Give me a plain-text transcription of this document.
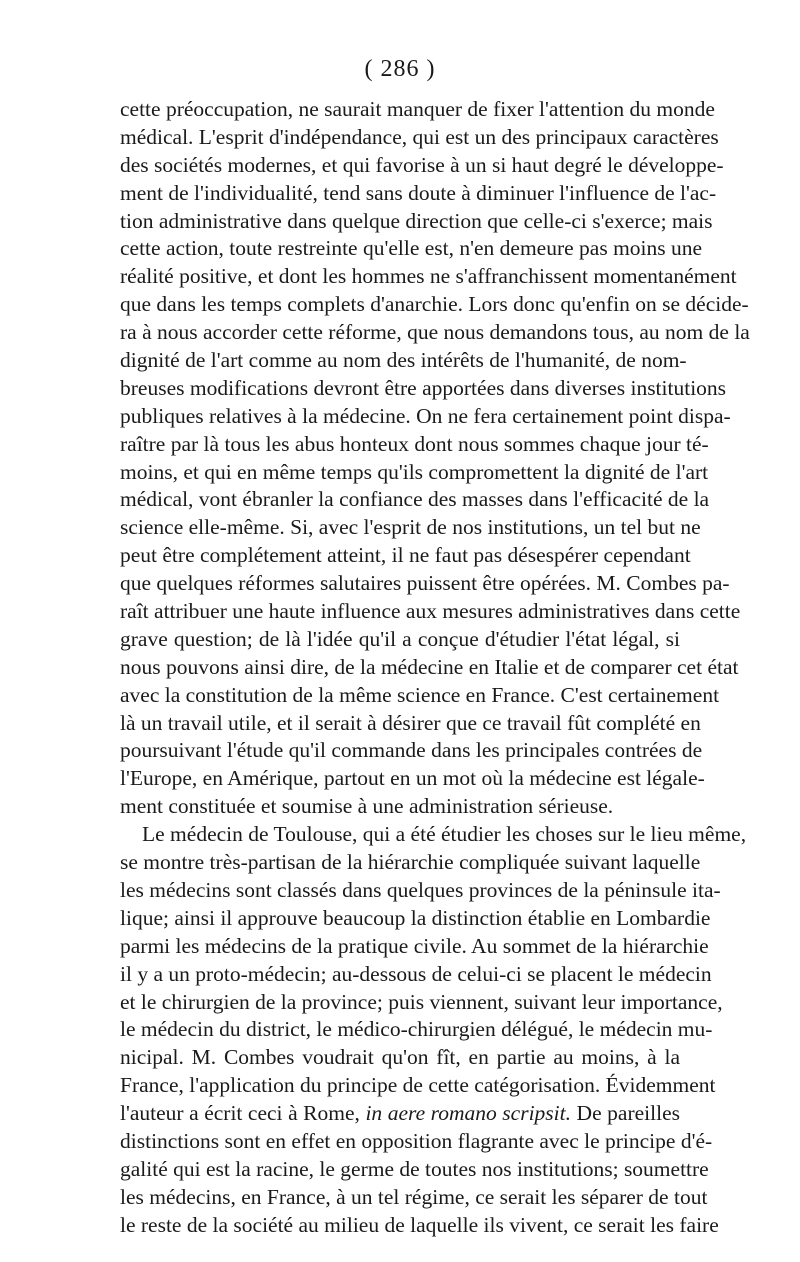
( 286 )

cette préoccupation, ne saurait manquer de fixer l'attention du monde
médical. L'esprit d'indépendance, qui est un des principaux caractères
des sociétés modernes, et qui favorise à un si haut degré le développe-
ment de l'individualité, tend sans doute à diminuer l'influence de l'ac-
tion administrative dans quelque direction que celle-ci s'exerce; mais
cette action, toute restreinte qu'elle est, n'en demeure pas moins une
réalité positive, et dont les hommes ne s'affranchissent momentanément
que dans les temps complets d'anarchie. Lors donc qu'enfin on se décide-
ra à nous accorder cette réforme, que nous demandons tous, au nom de la
dignité de l'art comme au nom des intérêts de l'humanité, de nom-
breuses modifications devront être apportées dans diverses institutions
publiques relatives à la médecine. On ne fera certainement point dispa-
raître par là tous les abus honteux dont nous sommes chaque jour té-
moins, et qui en même temps qu'ils compromettent la dignité de l'art
médical, vont ébranler la confiance des masses dans l'efficacité de la
science elle-même. Si, avec l'esprit de nos institutions, un tel but ne
peut être complétement atteint, il ne faut pas désespérer cependant
que quelques réformes salutaires puissent être opérées. M. Combes pa-
raît attribuer une haute influence aux mesures administratives dans cette
grave question; de là l'idée qu'il a conçue d'étudier l'état légal, si
nous pouvons ainsi dire, de la médecine en Italie et de comparer cet état
avec la constitution de la même science en France. C'est certainement
là un travail utile, et il serait à désirer que ce travail fût complété en
poursuivant l'étude qu'il commande dans les principales contrées de
l'Europe, en Amérique, partout en un mot où la médecine est légale-
ment constituée et soumise à une administration sérieuse.

Le médecin de Toulouse, qui a été étudier les choses sur le lieu même,
se montre très-partisan de la hiérarchie compliquée suivant laquelle
les médecins sont classés dans quelques provinces de la péninsule ita-
lique; ainsi il approuve beaucoup la distinction établie en Lombardie
parmi les médecins de la pratique civile. Au sommet de la hiérarchie
il y a un proto-médecin; au-dessous de celui-ci se placent le médecin
et le chirurgien de la province; puis viennent, suivant leur importance,
le médecin du district, le médico-chirurgien délégué, le médecin mu-
nicipal. M. Combes voudrait qu'on fît, en partie au moins, à la
France, l'application du principe de cette catégorisation. Évidemment
l'auteur a écrit ceci à Rome, in aere romano scripsit. De pareilles
distinctions sont en effet en opposition flagrante avec le principe d'é-
galité qui est la racine, le germe de toutes nos institutions; soumettre
les médecins, en France, à un tel régime, ce serait les séparer de tout
le reste de la société au milieu de laquelle ils vivent, ce serait les faire
